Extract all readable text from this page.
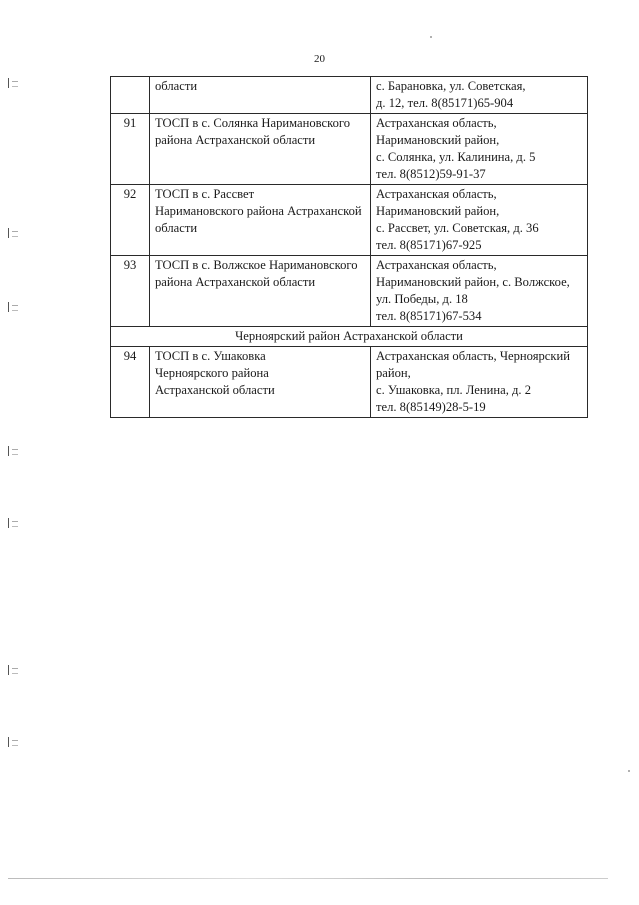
20

	области	с. Барановка, ул. Советская,
д. 12, тел. 8(85171)65-904

91	ТОСП в с. Солянка Наримановского района Астраханской области	Астраханская область, Наримановский район,
с. Солянка, ул. Калинина, д. 5
тел. 8(8512)59-91-37

92	ТОСП в с. Рассвет
Наримановского района Астраханской области	Астраханская область, Наримановский район,
с. Рассвет, ул. Советская, д. 36
тел. 8(85171)67-925

93	ТОСП в с. Волжское Наримановского района Астраханской области	Астраханская область, Наримановский район, с. Волжское,
ул. Победы, д. 18
тел. 8(85171)67-534

Черноярский район Астраханской области		
94	ТОСП в с. Ушаковка
Черноярского района
Астраханской области	Астраханская область, Черноярский район,
с. Ушаковка, пл. Ленина, д. 2
тел. 8(85149)28-5-19
